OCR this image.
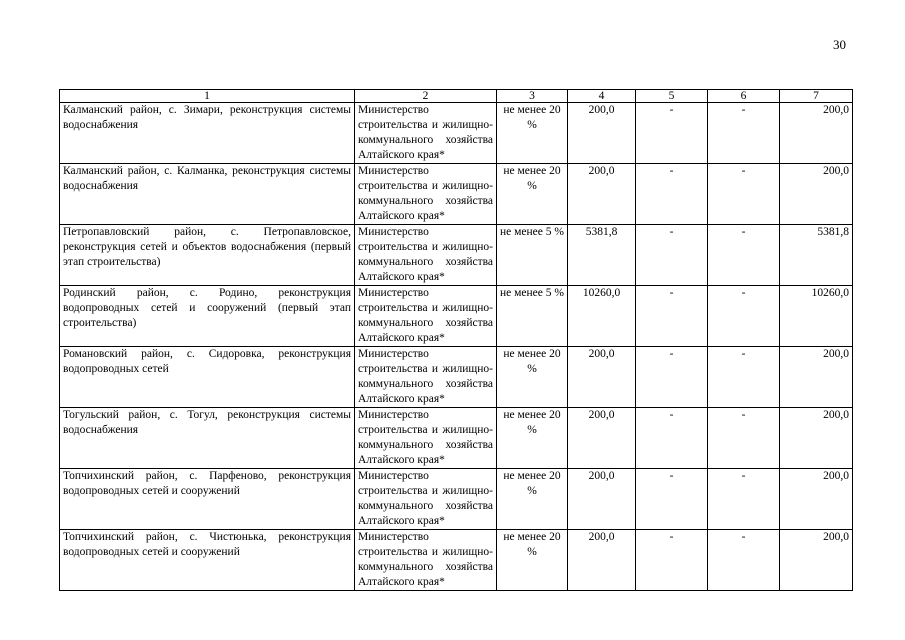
30
1	2	3	4	5	6	7
Калманский район, с. Зимари, реконструкция системы водоснабжения	Министерство строительства и жилищно-коммунального хозяйства Алтайского края*	не менее 20 %	200,0	-	-	200,0
Калманский район, с. Калманка, реконструкция системы водоснабжения	Министерство строительства и жилищно-коммунального хозяйства Алтайского края*	не менее 20 %	200,0	-	-	200,0
Петропавловский район, с. Петропавловское, реконструкция сетей и объектов водоснабжения (первый этап строительства)	Министерство строительства и жилищно-коммунального хозяйства Алтайского края*	не менее 5 %	5381,8	-	-	5381,8
Родинский район, с. Родино, реконструкция водопроводных сетей и сооружений (первый этап строительства)	Министерство строительства и жилищно-коммунального хозяйства Алтайского края*	не менее 5 %	10260,0	-	-	10260,0
Романовский район, с. Сидоровка, реконструкция водопроводных сетей	Министерство строительства и жилищно-коммунального хозяйства Алтайского края*	не менее 20 %	200,0	-	-	200,0
Тогульский район, с. Тогул, реконструкция системы водоснабжения	Министерство строительства и жилищно-коммунального хозяйства Алтайского края*	не менее 20 %	200,0	-	-	200,0
Топчихинский район, с. Парфеново, реконструкция водопроводных сетей и сооружений	Министерство строительства и жилищно-коммунального хозяйства Алтайского края*	не менее 20 %	200,0	-	-	200,0
Топчихинский район, с. Чистюнька, реконструкция водопроводных сетей и сооружений	Министерство строительства и жилищно-коммунального хозяйства Алтайского края*	не менее 20 %	200,0	-	-	200,0
